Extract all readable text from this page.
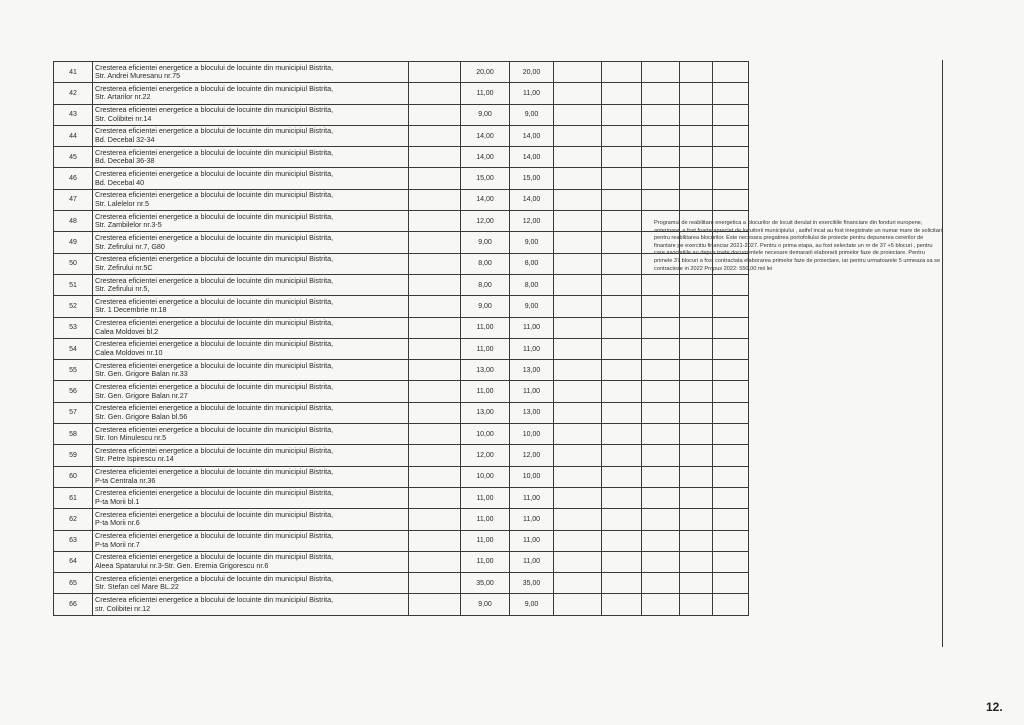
41	Cresterea eficientei energetice a blocului de locuinte din municipiul Bistrita,
Str. Andrei Muresanu nr.75		20,00	20,00					
42	Cresterea eficientei energetice a blocului de locuinte din municipiul Bistrita,
Str. Artarilor nr.22		11,00	11,00					
43	Cresterea eficientei energetice a blocului de locuinte din municipiul Bistrita,
Str. Colibitei nr.14		9,00	9,00					
44	Cresterea eficientei energetice a blocului de locuinte din municipiul Bistrita,
Bd. Decebal 32-34		14,00	14,00					
45	Cresterea eficientei energetice a blocului de locuinte din municipiul Bistrita,
Bd. Decebal 36-38		14,00	14,00					
46	Cresterea eficientei energetice a blocului de locuinte din municipiul Bistrita,
Bd. Decebal 40		15,00	15,00					
47	Cresterea eficientei energetice a blocului de locuinte din municipiul Bistrita,
Str. Lalelelor nr.5		14,00	14,00					
48	Cresterea eficientei energetice a blocului de locuinte din municipiul Bistrita,
Str. Zambilelor nr.3-5		12,00	12,00					
49	Cresterea eficientei energetice a blocului de locuinte din municipiul Bistrita,
Str. Zefirului nr.7, G80		9,00	9,00					
50	Cresterea eficientei energetice a blocului de locuinte din municipiul Bistrita,
Str. Zefirului nr.5C		8,00	8,00					
51	Cresterea eficientei energetice a blocului de locuinte din municipiul Bistrita,
Str. Zefirului nr.5,		8,00	8,00					
52	Cresterea eficientei energetice a blocului de locuinte din municipiul Bistrita,
Str. 1 Decembrie nr.18		9,00	9,00					
53	Cresterea eficientei energetice a blocului de locuinte din municipiul Bistrita,
Calea Moldovei bl.2		11,00	11,00					
54	Cresterea eficientei energetice a blocului de locuinte din municipiul Bistrita,
Calea Moldovei nr.10		11,00	11,00					
55	Cresterea eficientei energetice a blocului de locuinte din municipiul Bistrita,
Str. Gen. Grigore Balan nr.33		13,00	13,00					
56	Cresterea eficientei energetice a blocului de locuinte din municipiul Bistrita,
Str. Gen. Grigore Balan nr.27		11,00	11,00					
57	Cresterea eficientei energetice a blocului de locuinte din municipiul Bistrita,
Str. Gen. Grigore Balan bl.56		13,00	13,00					
58	Cresterea eficientei energetice a blocului de locuinte din municipiul Bistrita,
Str. Ion Minulescu nr.5		10,00	10,00					
59	Cresterea eficientei energetice a blocului de locuinte din municipiul Bistrita,
Str. Petre Ispirescu nr.14		12,00	12,00					
60	Cresterea eficientei energetice a blocului de locuinte din municipiul Bistrita,
P-ta Centrala nr.36		10,00	10,00					
61	Cresterea eficientei energetice a blocului de locuinte din municipiul Bistrita,
P-ta Morii bl.1		11,00	11,00					
62	Cresterea eficientei energetice a blocului de locuinte din municipiul Bistrita,
P-ta Morii nr.6		11,00	11,00					
63	Cresterea eficientei energetice a blocului de locuinte din municipiul Bistrita,
P-ta Morii nr.7		11,00	11,00					
64	Cresterea eficientei energetice a blocului de locuinte din municipiul Bistrita,
Aleea Spatarului nr.3-Str. Gen. Eremia Grigorescu nr.6		11,00	11,00					
65	Cresterea eficientei energetice a blocului de locuinte din municipiul Bistrita,
Str. Stefan cel Mare BL.22		35,00	35,00					
66	Cresterea eficientei energetice a blocului de locuinte din municipiul Bistrita,
str. Colibitei nr.12		9,00	9,00					
Programul de reabilitare energetica a blocurilor de locuit derulat in exercitiile financiare din fonduri europene, anterioare, a fost foarte apreciat de locuitorii municipiului , astfel incat au fost inregistrate un numar mare de solicitari pentru reabilitarea blocurilor. Este necesara pregatirea portofoliului de proiecte pentru depunerea cererilor de finantare pe exercitiu financiar 2021-2027. Pentru o prima etapa, au fost selectate un nr de 37 +5 blocuri , pentru care asociatiile au depus toate documentele necesare demararii elaborarii primelor faze de proiectare. Pentru primele 37 blocuri a fost contractata elaborarea primelor faze de proiectare, iar pentru urmatoarele 5 urmeaza sa se contracteze in 2022 Propus 2022: 550,00 mii lei
12.
